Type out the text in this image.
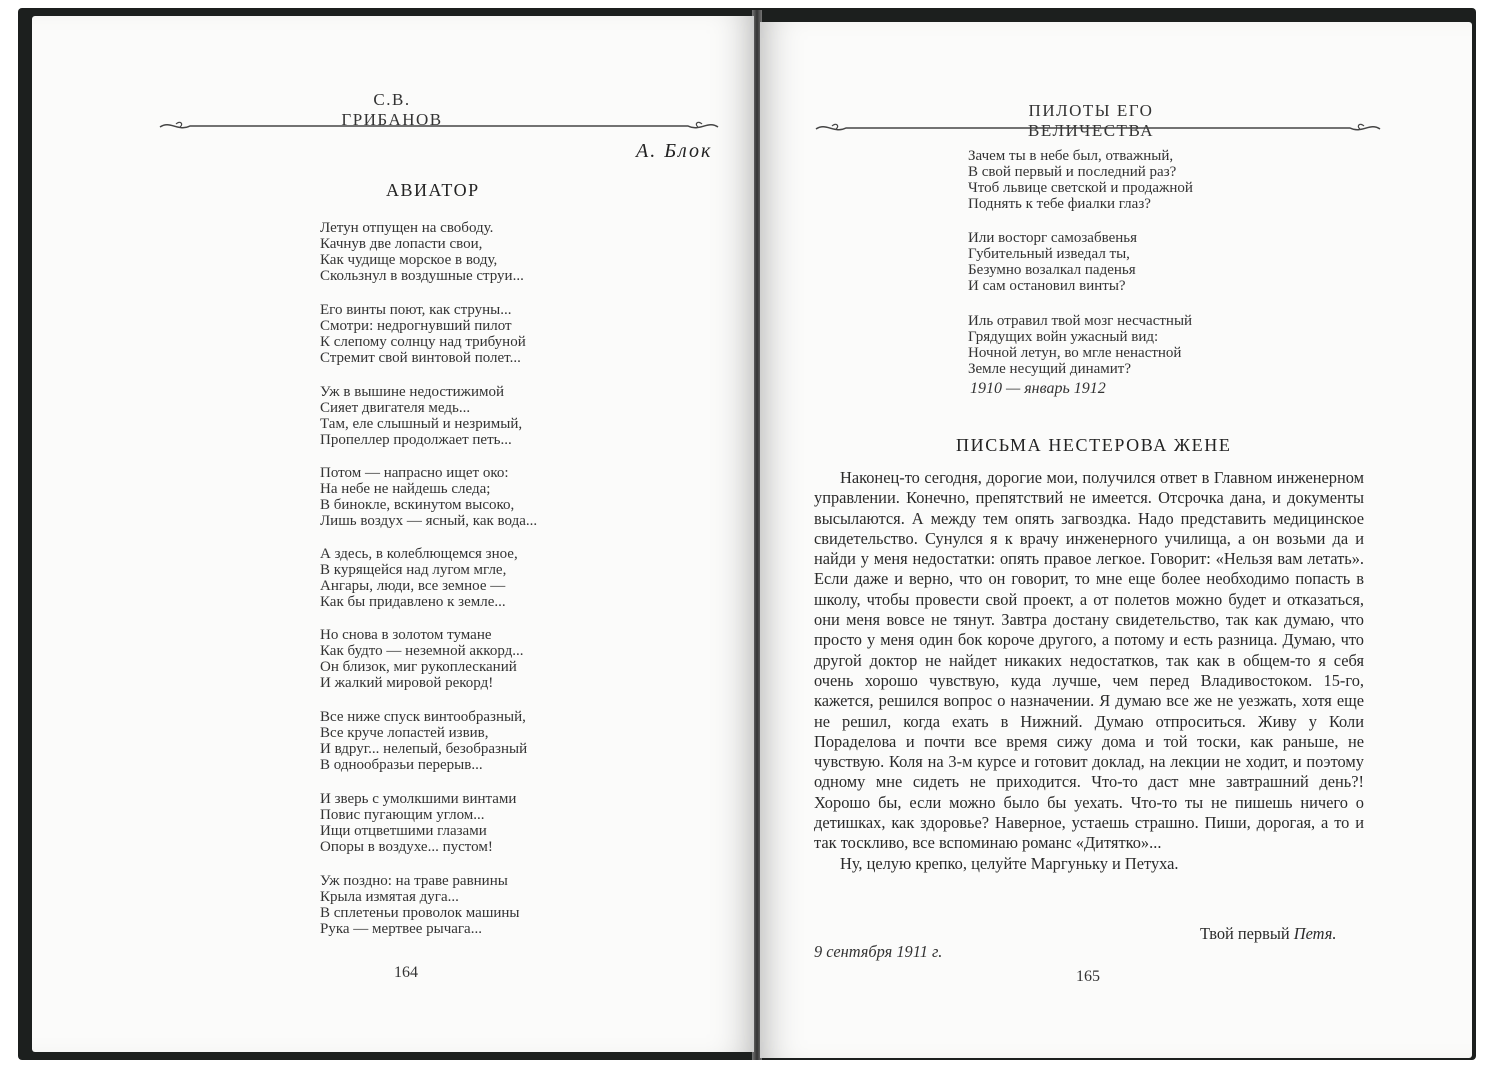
С.В. ГРИБАНОВ
А. Блок
АВИАТОР
Летун отпущен на свободу.
Качнув две лопасти свои,
Как чудище морское в воду,
Скользнул в воздушные струи...
Его винты поют, как струны...
Смотри: недрогнувший пилот
К слепому солнцу над трибуной
Стремит свой винтовой полет...
Уж в вышине недостижимой
Сияет двигателя медь...
Там, еле слышный и незримый,
Пропеллер продолжает петь...
Потом — напрасно ищет око:
На небе не найдешь следа;
В бинокле, вскинутом высоко,
Лишь воздух — ясный, как вода...
А здесь, в колеблющемся зное,
В курящейся над лугом мгле,
Ангары, люди, все земное —
Как бы придавлено к земле...
Но снова в золотом тумане
Как будто — неземной аккорд...
Он близок, миг рукоплесканий
И жалкий мировой рекорд!
Все ниже спуск винтообразный,
Все круче лопастей извив,
И вдруг... нелепый, безобразный
В однообразьи перерыв...
И зверь с умолкшими винтами
Повис пугающим углом...
Ищи отцветшими глазами
Опоры в воздухе... пустом!
Уж поздно: на траве равнины
Крыла измятая дуга...
В сплетеньи проволок машины
Рука — мертвее рычага...
164
ПИЛОТЫ ЕГО ВЕЛИЧЕСТВА
Зачем ты в небе был, отважный,
В свой первый и последний раз?
Чтоб львице светской и продажной
Поднять к тебе фиалки глаз?
Или восторг самозабвенья
Губительный изведал ты,
Безумно возалкал паденья
И сам остановил винты?
Иль отравил твой мозг несчастный
Грядущих войн ужасный вид:
Ночной летун, во мгле ненастной
Земле несущий динамит?
1910 — январь 1912
ПИСЬМА НЕСТЕРОВА ЖЕНЕ

Наконец-то сегодня, дорогие мои, получился ответ в Главном инженерном управлении. Конечно, препятствий не имеется. Отсрочка дана, и документы высылаются. А между тем опять загвоздка. Надо представить медицинское свидетельство. Сунулся я к врачу инженерного училища, а он возьми да и найди у меня недостатки: опять правое легкое. Говорит: «Нельзя вам летать». Если даже и верно, что он говорит, то мне еще более необходимо попасть в школу, чтобы провести свой проект, а от полетов можно будет и отказаться, они меня вовсе не тянут. Завтра достану свидетельство, так как думаю, что просто у меня один бок короче другого, а потому и есть разница. Думаю, что другой доктор не найдет никаких недостатков, так как в общем-то я себя очень хорошо чувствую, куда лучше, чем перед Владивостоком. 15-го, кажется, решился вопрос о назначении. Я думаю все же не уезжать, хотя еще не решил, когда ехать в Нижний. Думаю отпроситься. Живу у Коли Пораделова и почти все время сижу дома и той тоски, как раньше, не чувствую. Коля на 3-м курсе и готовит доклад, на лекции не ходит, и поэтому одному мне сидеть не приходится. Что-то даст мне завтрашний день?! Хорошо бы, если можно было бы уехать. Что-то ты не пишешь ничего о детишках, как здоровье? Наверное, устаешь страшно. Пиши, дорогая, а то и так тоскливо, все вспоминаю романс «Дитятко»...

Ну, целую крепко, целуйте Маргуньку и Петуха.

Твой первый Петя.
9 сентября 1911 г.
165
